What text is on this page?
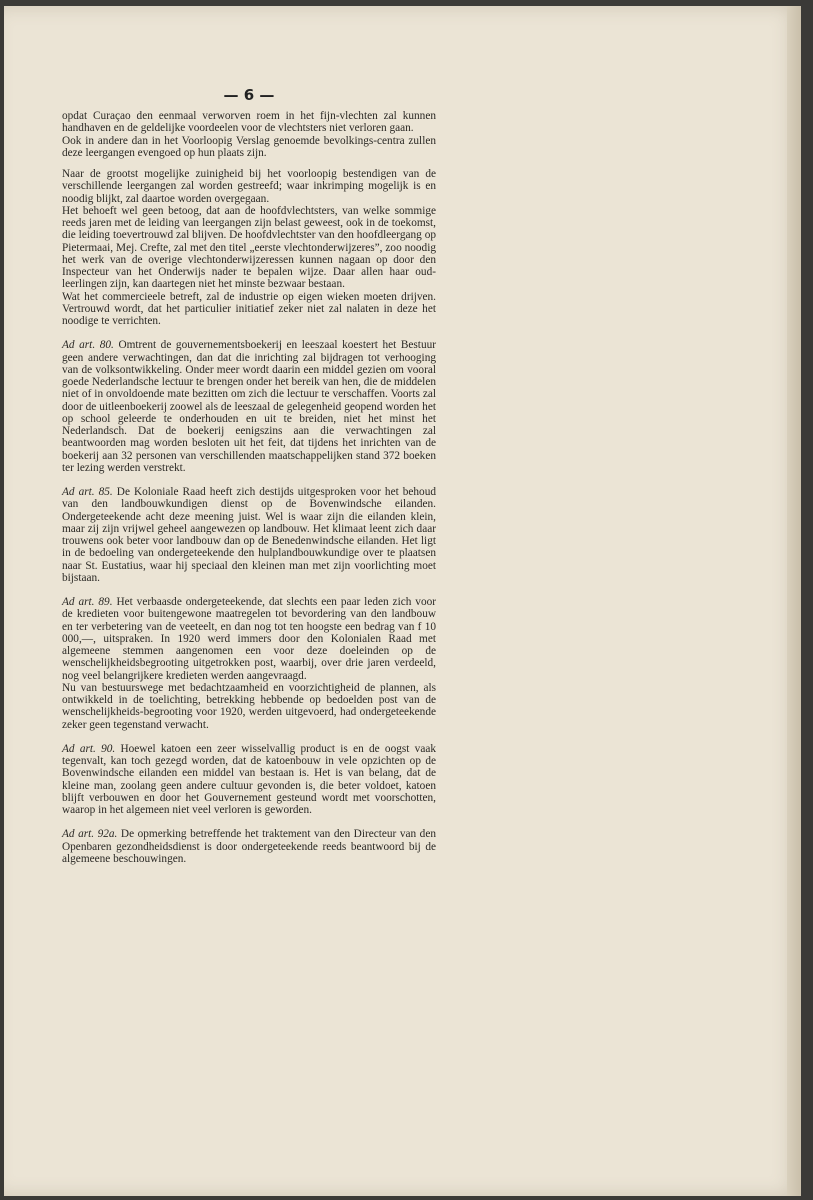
— 6 —

opdat Curaçao den eenmaal verworven roem in het fijn-vlechten zal kunnen handhaven en de geldelijke voordeelen voor de vlechtsters niet verloren gaan.

Ook in andere dan in het Voorloopig Verslag genoemde bevolkings-centra zullen deze leergangen evengoed op hun plaats zijn.

Naar de grootst mogelijke zuinigheid bij het voorloopig bestendigen van de verschillende leergangen zal worden gestreefd; waar inkrimping mogelijk is en noodig blijkt, zal daartoe worden overgegaan.

Het behoeft wel geen betoog, dat aan de hoofdvlechtsters, van welke sommige reeds jaren met de leiding van leergangen zijn belast geweest, ook in de toekomst, die leiding toevertrouwd zal blijven. De hoofdvlechtster van den hoofdleergang op Pietermaai, Mej. Crefte, zal met den titel „eerste vlechtonderwijzeres”, zoo noodig het werk van de overige vlechtonderwijzeressen kunnen nagaan op door den Inspecteur van het Onderwijs nader te bepalen wijze. Daar allen haar oud-leerlingen zijn, kan daartegen niet het minste bezwaar bestaan.

Wat het commercieele betreft, zal de industrie op eigen wieken moeten drijven. Vertrouwd wordt, dat het particulier initiatief zeker niet zal nalaten in deze het noodige te verrichten.

Ad art. 80. Omtrent de gouvernementsboekerij en leeszaal koestert het Bestuur geen andere verwachtingen, dan dat die inrichting zal bijdragen tot verhooging van de volksontwikkeling. Onder meer wordt daarin een middel gezien om vooral goede Nederlandsche lectuur te brengen onder het bereik van hen, die de middelen niet of in onvoldoende mate bezitten om zich die lectuur te verschaffen. Voorts zal door de uitleenboekerij zoowel als de leeszaal de gelegenheid geopend worden het op school geleerde te onderhouden en uit te breiden, niet het minst het Nederlandsch. Dat de boekerij eenigszins aan die verwachtingen zal beantwoorden mag worden besloten uit het feit, dat tijdens het inrichten van de boekerij aan 32 personen van verschillenden maatschappelijken stand 372 boeken ter lezing werden verstrekt.

Ad art. 85. De Koloniale Raad heeft zich destijds uitgesproken voor het behoud van den landbouwkundigen dienst op de Bovenwindsche eilanden. Ondergeteekende acht deze meening juist. Wel is waar zijn die eilanden klein, maar zij zijn vrijwel geheel aangewezen op landbouw. Het klimaat leent zich daar trouwens ook beter voor landbouw dan op de Benedenwindsche eilanden. Het ligt in de bedoeling van ondergeteekende den hulplandbouwkundige over te plaatsen naar St. Eustatius, waar hij speciaal den kleinen man met zijn voorlichting moet bijstaan.

Ad art. 89. Het verbaasde ondergeteekende, dat slechts een paar leden zich voor de kredieten voor buitengewone maatregelen tot bevordering van den landbouw en ter verbetering van de veeteelt, en dan nog tot ten hoogste een bedrag van f 10 000,—, uitspraken. In 1920 werd immers door den Kolonialen Raad met algemeene stemmen aangenomen een voor deze doeleinden op de wenschelijkheidsbegrooting uitgetrokken post, waarbij, over drie jaren verdeeld, nog veel belangrijkere kredieten werden aangevraagd.

Nu van bestuurswege met bedachtzaamheid en voorzichtigheid de plannen, als ontwikkeld in de toelichting, betrekking hebbende op bedoelden post van de wenschelijkheids-begrooting voor 1920, werden uitgevoerd, had ondergeteekende zeker geen tegenstand verwacht.

Ad art. 90. Hoewel katoen een zeer wisselvallig product is en de oogst vaak tegenvalt, kan toch gezegd worden, dat de katoenbouw in vele opzichten op de Bovenwindsche eilanden een middel van bestaan is. Het is van belang, dat de kleine man, zoolang geen andere cultuur gevonden is, die beter voldoet, katoen blijft verbouwen en door het Gouvernement gesteund wordt met voorschotten, waarop in het algemeen niet veel verloren is geworden.

Ad art. 92a. De opmerking betreffende het traktement van den Directeur van den Openbaren gezondheidsdienst is door ondergeteekende reeds beantwoord bij de algemeene beschouwingen.
